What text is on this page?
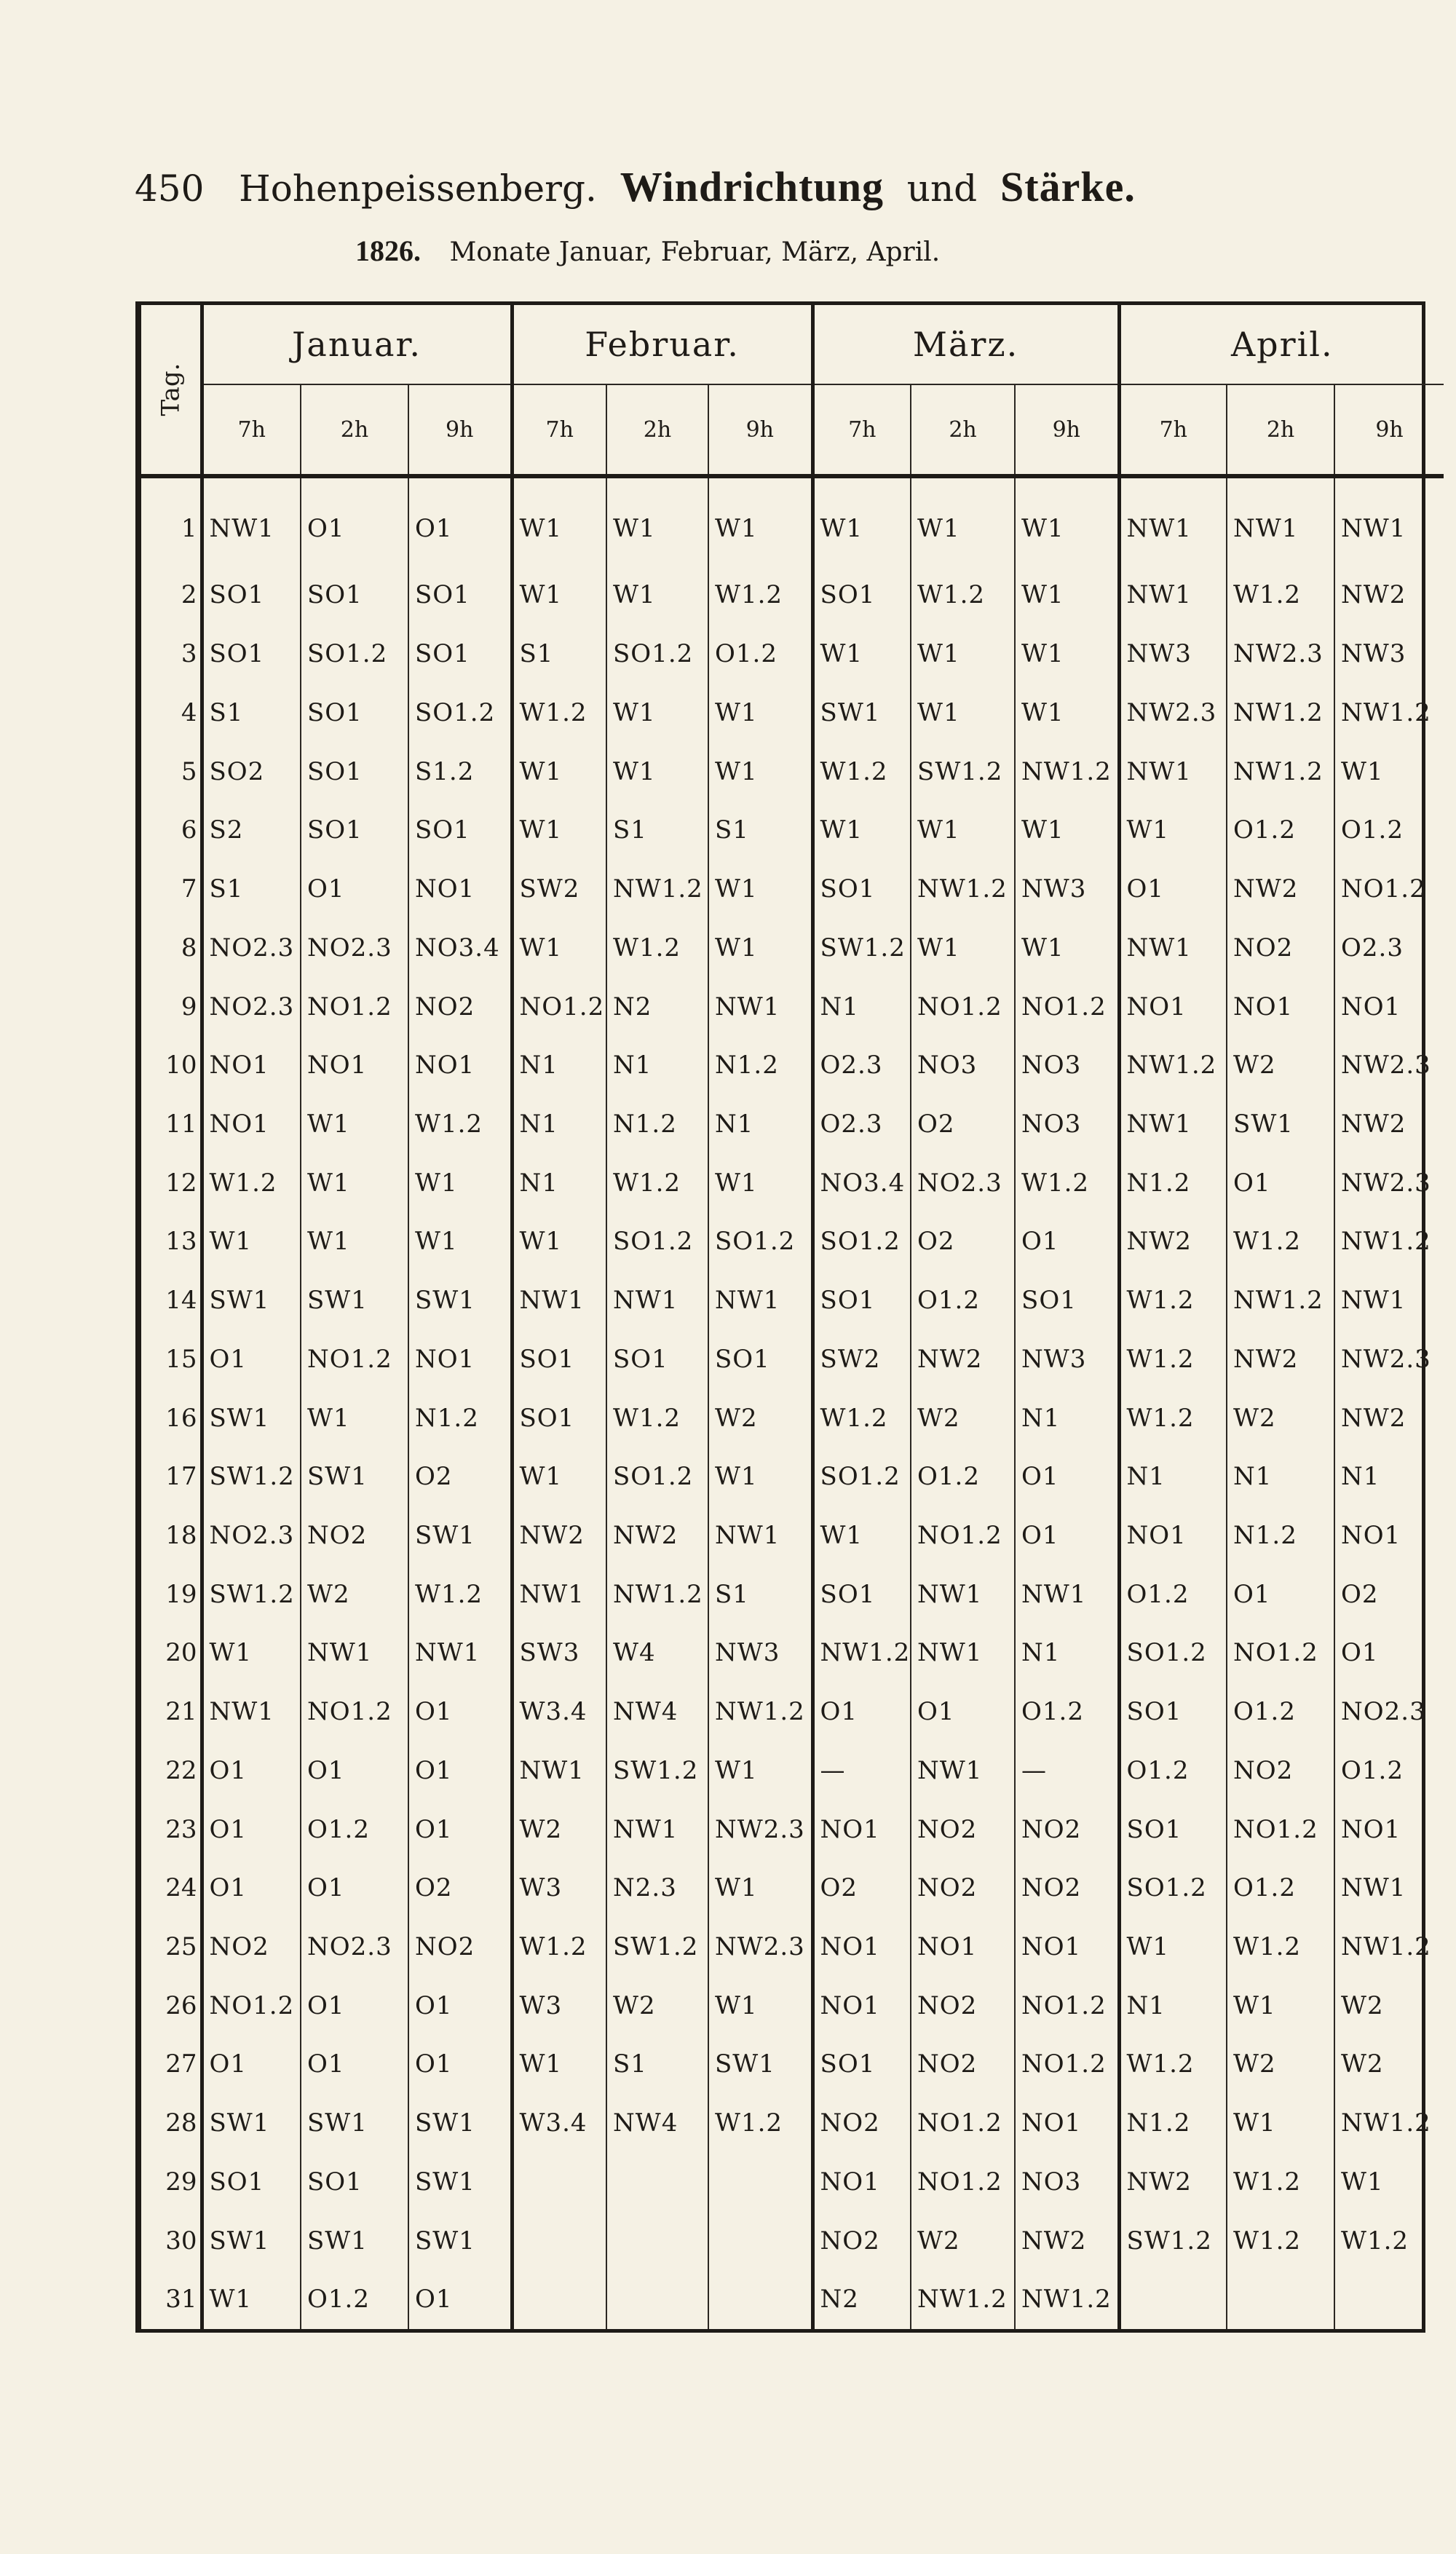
450 Hohenpeissenberg. Windrichtung und Stärke.
1826. Monate Januar, Februar, März, April.
Tag.	Januar.			Februar.			März.			April.		
	7h	2h	9h	7h	2h	9h	7h	2h	9h	7h	2h	9h
1	NW1	O1	O1	W1	W1	W1	W1	W1	W1	NW1	NW1	NW1
2	SO1	SO1	SO1	W1	W1	W1.2	SO1	W1.2	W1	NW1	W1.2	NW2
3	SO1	SO1.2	SO1	S1	SO1.2	O1.2	W1	W1	W1	NW3	NW2.3	NW3
4	S1	SO1	SO1.2	W1.2	W1	W1	SW1	W1	W1	NW2.3	NW1.2	NW1.2
5	SO2	SO1	S1.2	W1	W1	W1	W1.2	SW1.2	NW1.2	NW1	NW1.2	W1
6	S2	SO1	SO1	W1	S1	S1	W1	W1	W1	W1	O1.2	O1.2
7	S1	O1	NO1	SW2	NW1.2	W1	SO1	NW1.2	NW3	O1	NW2	NO1.2
8	NO2.3	NO2.3	NO3.4	W1	W1.2	W1	SW1.2	W1	W1	NW1	NO2	O2.3
9	NO2.3	NO1.2	NO2	NO1.2	N2	NW1	N1	NO1.2	NO1.2	NO1	NO1	NO1
10	NO1	NO1	NO1	N1	N1	N1.2	O2.3	NO3	NO3	NW1.2	W2	NW2.3
11	NO1	W1	W1.2	N1	N1.2	N1	O2.3	O2	NO3	NW1	SW1	NW2
12	W1.2	W1	W1	N1	W1.2	W1	NO3.4	NO2.3	W1.2	N1.2	O1	NW2.3
13	W1	W1	W1	W1	SO1.2	SO1.2	SO1.2	O2	O1	NW2	W1.2	NW1.2
14	SW1	SW1	SW1	NW1	NW1	NW1	SO1	O1.2	SO1	W1.2	NW1.2	NW1
15	O1	NO1.2	NO1	SO1	SO1	SO1	SW2	NW2	NW3	W1.2	NW2	NW2.3
16	SW1	W1	N1.2	SO1	W1.2	W2	W1.2	W2	N1	W1.2	W2	NW2
17	SW1.2	SW1	O2	W1	SO1.2	W1	SO1.2	O1.2	O1	N1	N1	N1
18	NO2.3	NO2	SW1	NW2	NW2	NW1	W1	NO1.2	O1	NO1	N1.2	NO1
19	SW1.2	W2	W1.2	NW1	NW1.2	S1	SO1	NW1	NW1	O1.2	O1	O2
20	W1	NW1	NW1	SW3	W4	NW3	NW1.2	NW1	N1	SO1.2	NO1.2	O1
21	NW1	NO1.2	O1	W3.4	NW4	NW1.2	O1	O1	O1.2	SO1	O1.2	NO2.3
22	O1	O1	O1	NW1	SW1.2	W1	—	NW1	—	O1.2	NO2	O1.2
23	O1	O1.2	O1	W2	NW1	NW2.3	NO1	NO2	NO2	SO1	NO1.2	NO1
24	O1	O1	O2	W3	N2.3	W1	O2	NO2	NO2	SO1.2	O1.2	NW1
25	NO2	NO2.3	NO2	W1.2	SW1.2	NW2.3	NO1	NO1	NO1	W1	W1.2	NW1.2
26	NO1.2	O1	O1	W3	W2	W1	NO1	NO2	NO1.2	N1	W1	W2
27	O1	O1	O1	W1	S1	SW1	SO1	NO2	NO1.2	W1.2	W2	W2
28	SW1	SW1	SW1	W3.4	NW4	W1.2	NO2	NO1.2	NO1	N1.2	W1	NW1.2
29	SO1	SO1	SW1				NO1	NO1.2	NO3	NW2	W1.2	W1
30	SW1	SW1	SW1				NO2	W2	NW2	SW1.2	W1.2	W1.2
31	W1	O1.2	O1				N2	NW1.2	NW1.2			
